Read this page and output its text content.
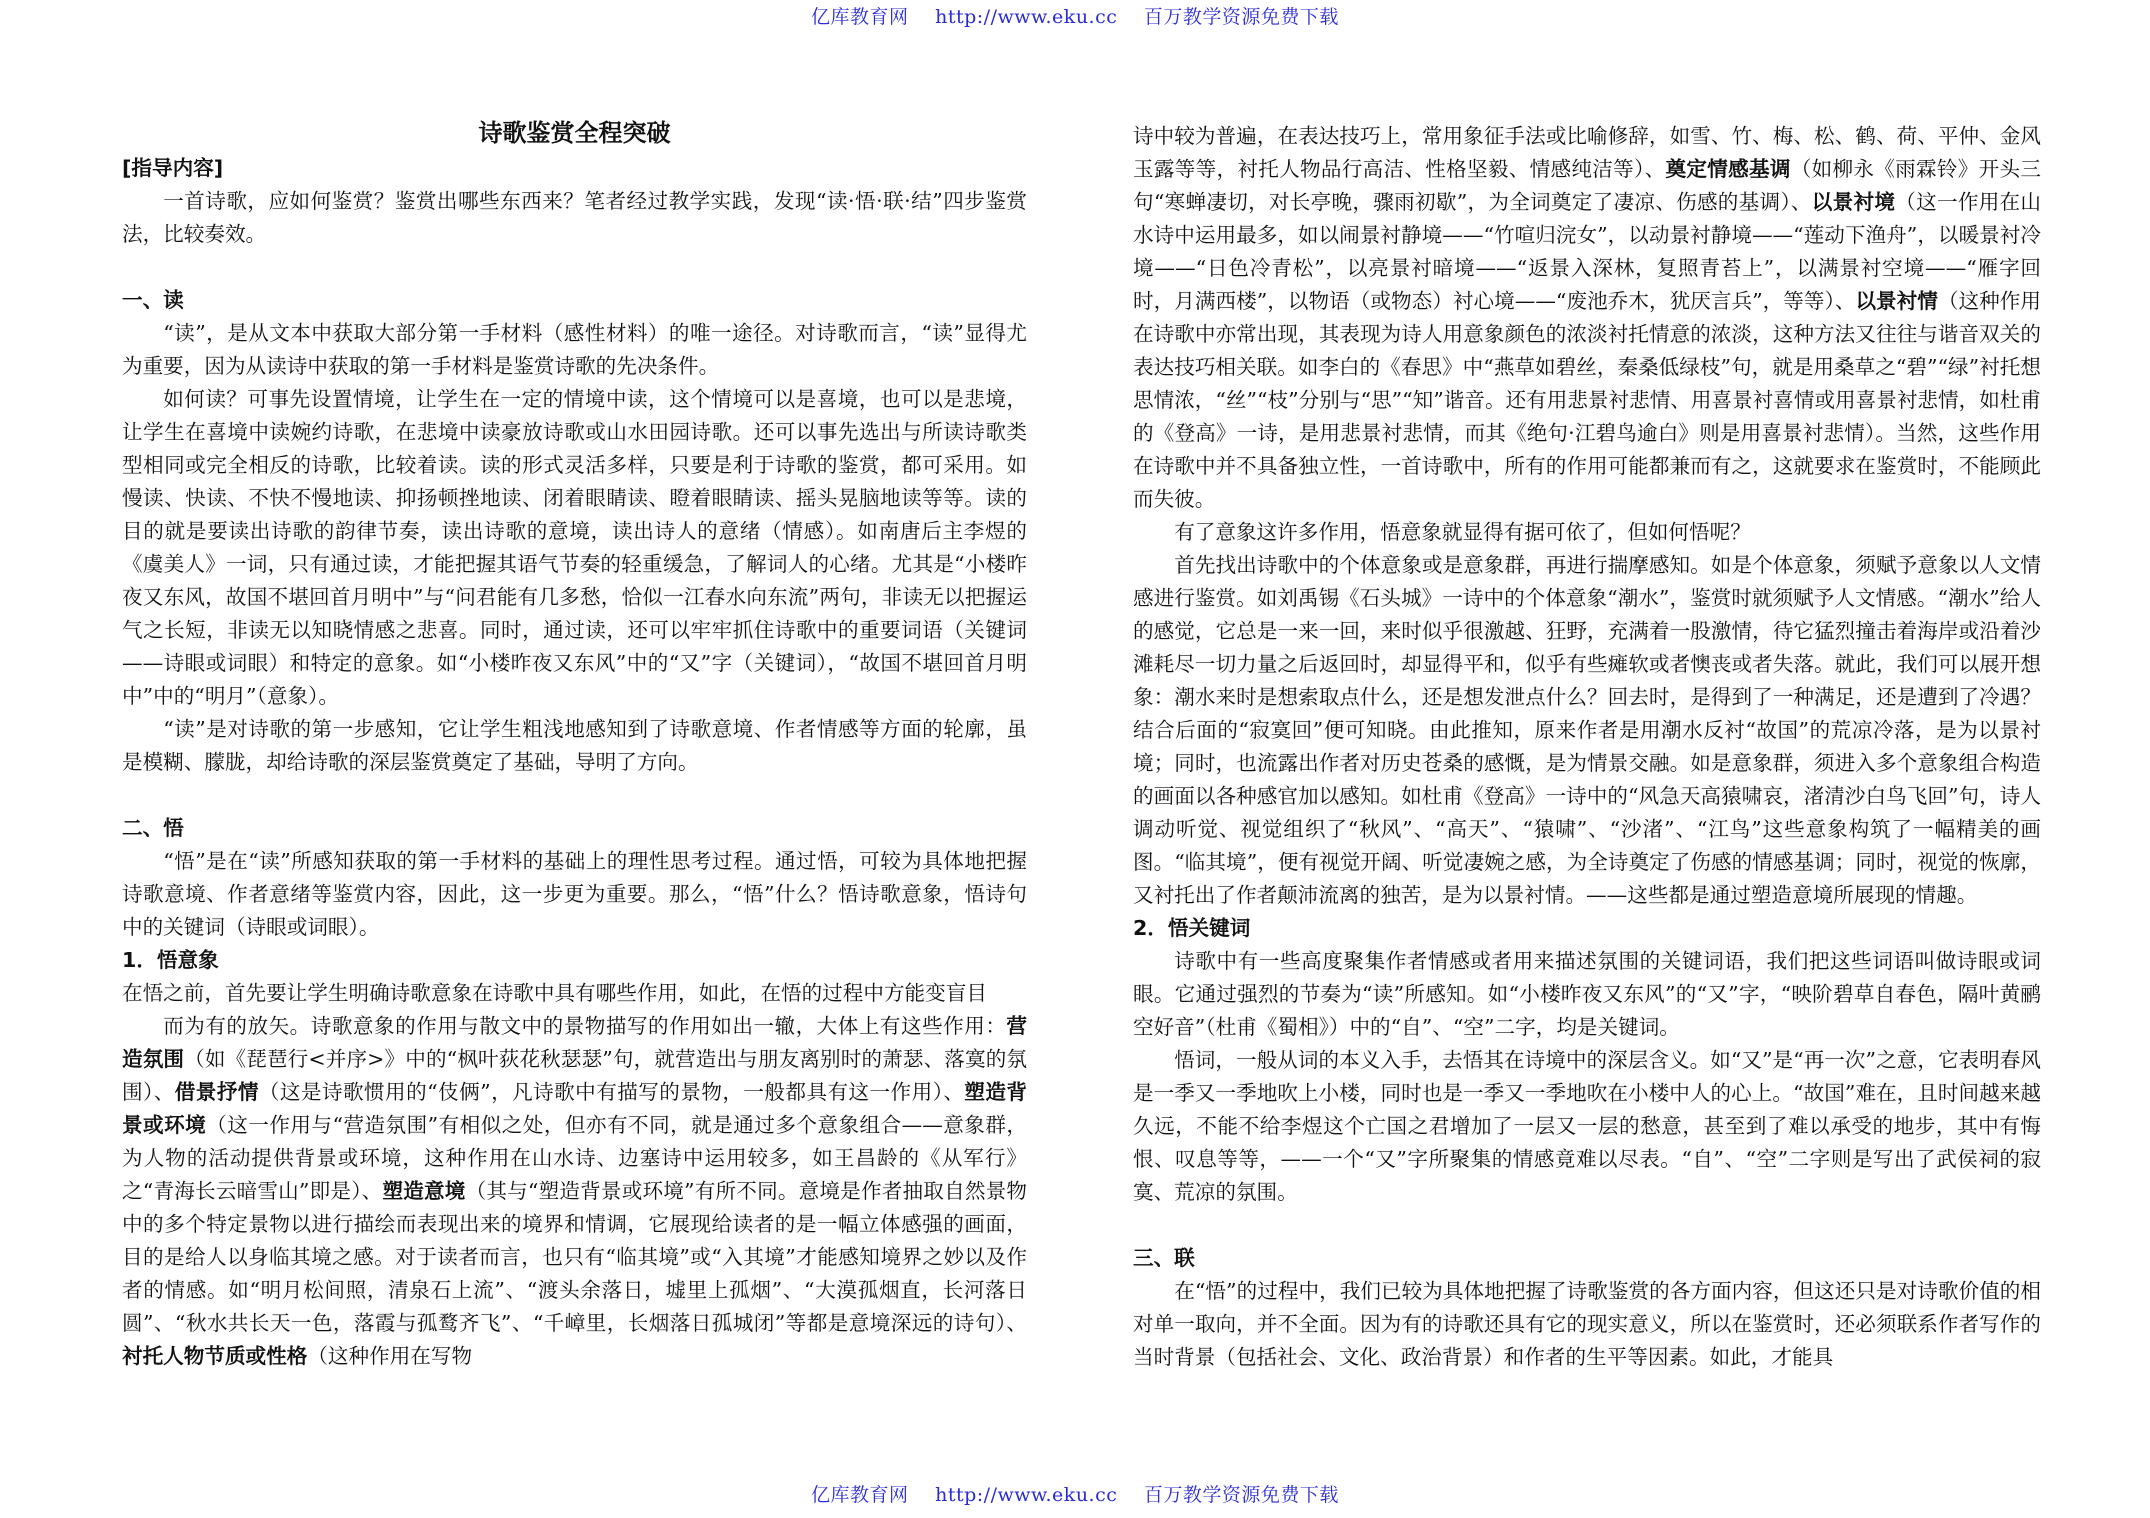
亿库教育网 http://www.eku.cc 百万教学资源免费下载
诗歌鉴赏全程突破
[指导内容]

一首诗歌，应如何鉴赏？鉴赏出哪些东西来？笔者经过教学实践，发现“读·悟·联·结”四步鉴赏法，比较奏效。

一、读

“读”，是从文本中获取大部分第一手材料（感性材料）的唯一途径。对诗歌而言，“读”显得尤为重要，因为从读诗中获取的第一手材料是鉴赏诗歌的先决条件。

如何读？可事先设置情境，让学生在一定的情境中读，这个情境可以是喜境，也可以是悲境，让学生在喜境中读婉约诗歌，在悲境中读豪放诗歌或山水田园诗歌。还可以事先选出与所读诗歌类型相同或完全相反的诗歌，比较着读。读的形式灵活多样，只要是利于诗歌的鉴赏，都可采用。如慢读、快读、不快不慢地读、抑扬顿挫地读、闭着眼睛读、瞪着眼睛读、摇头晃脑地读等等。读的目的就是要读出诗歌的韵律节奏，读出诗歌的意境，读出诗人的意绪（情感）。如南唐后主李煜的《虞美人》一词，只有通过读，才能把握其语气节奏的轻重缓急，了解词人的心绪。尤其是“小楼昨夜又东风，故国不堪回首月明中”与“问君能有几多愁，恰似一江春水向东流”两句，非读无以把握运气之长短，非读无以知晓情感之悲喜。同时，通过读，还可以牢牢抓住诗歌中的重要词语（关键词——诗眼或词眼）和特定的意象。如“小楼昨夜又东风”中的“又”字（关键词），“故国不堪回首月明中”中的“明月”（意象）。

“读”是对诗歌的第一步感知，它让学生粗浅地感知到了诗歌意境、作者情感等方面的轮廓，虽是模糊、朦胧，却给诗歌的深层鉴赏奠定了基础，导明了方向。

二、悟

“悟”是在“读”所感知获取的第一手材料的基础上的理性思考过程。通过悟，可较为具体地把握诗歌意境、作者意绪等鉴赏内容，因此，这一步更为重要。那么，“悟”什么？悟诗歌意象，悟诗句中的关键词（诗眼或词眼）。

1．悟意象

在悟之前，首先要让学生明确诗歌意象在诗歌中具有哪些作用，如此，在悟的过程中方能变盲目

而为有的放矢。诗歌意象的作用与散文中的景物描写的作用如出一辙，大体上有这些作用：营造氛围（如《琵琶行<并序>》中的“枫叶荻花秋瑟瑟”句，就营造出与朋友离别时的萧瑟、落寞的氛围）、借景抒情（这是诗歌惯用的“伎俩”，凡诗歌中有描写的景物，一般都具有这一作用）、塑造背景或环境（这一作用与“营造氛围”有相似之处，但亦有不同，就是通过多个意象组合——意象群，为人物的活动提供背景或环境，这种作用在山水诗、边塞诗中运用较多，如王昌龄的《从军行》之“青海长云暗雪山”即是）、塑造意境（其与“塑造背景或环境”有所不同。意境是作者抽取自然景物中的多个特定景物以进行描绘而表现出来的境界和情调，它展现给读者的是一幅立体感强的画面，目的是给人以身临其境之感。对于读者而言，也只有“临其境”或“入其境”才能感知境界之妙以及作者的情感。如“明月松间照，清泉石上流”、“渡头余落日，墟里上孤烟”、“大漠孤烟直，长河落日圆”、“秋水共长天一色，落霞与孤鹜齐飞”、“千嶂里，长烟落日孤城闭”等都是意境深远的诗句）、衬托人物节质或性格（这种作用在写物

诗中较为普遍，在表达技巧上，常用象征手法或比喻修辞，如雪、竹、梅、松、鹤、荷、平仲、金风玉露等等，衬托人物品行高洁、性格坚毅、情感纯洁等）、奠定情感基调（如柳永《雨霖铃》开头三句“寒蝉凄切，对长亭晚，骤雨初歇”，为全词奠定了凄凉、伤感的基调）、以景衬境（这一作用在山水诗中运用最多，如以闹景衬静境——“竹喧归浣女”，以动景衬静境——“莲动下渔舟”，以暖景衬冷境——“日色冷青松”，以亮景衬暗境——“返景入深林，复照青苔上”，以满景衬空境——“雁字回时，月满西楼”，以物语（或物态）衬心境——“废池乔木，犹厌言兵”，等等）、以景衬情（这种作用在诗歌中亦常出现，其表现为诗人用意象颜色的浓淡衬托情意的浓淡，这种方法又往往与谐音双关的表达技巧相关联。如李白的《春思》中“燕草如碧丝，秦桑低绿枝”句，就是用桑草之“碧”“绿”衬托想思情浓，“丝”“枝”分别与“思”“知”谐音。还有用悲景衬悲情、用喜景衬喜情或用喜景衬悲情，如杜甫的《登高》一诗，是用悲景衬悲情，而其《绝句·江碧鸟逾白》则是用喜景衬悲情）。当然，这些作用在诗歌中并不具备独立性，一首诗歌中，所有的作用可能都兼而有之，这就要求在鉴赏时，不能顾此而失彼。

有了意象这许多作用，悟意象就显得有据可依了，但如何悟呢？

首先找出诗歌中的个体意象或是意象群，再进行揣摩感知。如是个体意象，须赋予意象以人文情感进行鉴赏。如刘禹锡《石头城》一诗中的个体意象“潮水”，鉴赏时就须赋予人文情感。“潮水”给人的感觉，它总是一来一回，来时似乎很激越、狂野，充满着一股激情，待它猛烈撞击着海岸或沿着沙滩耗尽一切力量之后返回时，却显得平和，似乎有些瘫软或者懊丧或者失落。就此，我们可以展开想象：潮水来时是想索取点什么，还是想发泄点什么？回去时，是得到了一种满足，还是遭到了冷遇？结合后面的“寂寞回”便可知晓。由此推知，原来作者是用潮水反衬“故国”的荒凉冷落，是为以景衬境；同时，也流露出作者对历史苍桑的感慨，是为情景交融。如是意象群，须进入多个意象组合构造的画面以各种感官加以感知。如杜甫《登高》一诗中的“风急天高猿啸哀，渚清沙白鸟飞回”句，诗人调动听觉、视觉组织了“秋风”、“高天”、“猿啸”、“沙渚”、“江鸟”这些意象构筑了一幅精美的画图。“临其境”，便有视觉开阔、听觉凄婉之感，为全诗奠定了伤感的情感基调；同时，视觉的恢廓，又衬托出了作者颠沛流离的独苦，是为以景衬情。——这些都是通过塑造意境所展现的情趣。

2．悟关键词

诗歌中有一些高度聚集作者情感或者用来描述氛围的关键词语，我们把这些词语叫做诗眼或词眼。它通过强烈的节奏为“读”所感知。如“小楼昨夜又东风”的“又”字，“映阶碧草自春色，隔叶黄鹂空好音”（杜甫《蜀相》）中的“自”、“空”二字，均是关键词。

悟词，一般从词的本义入手，去悟其在诗境中的深层含义。如“又”是“再一次”之意，它表明春风是一季又一季地吹上小楼，同时也是一季又一季地吹在小楼中人的心上。“故国”难在，且时间越来越久远，不能不给李煜这个亡国之君增加了一层又一层的愁意，甚至到了难以承受的地步，其中有悔恨、叹息等等，——一个“又”字所聚集的情感竟难以尽表。“自”、“空”二字则是写出了武侯祠的寂寞、荒凉的氛围。

三、联

在“悟”的过程中，我们已较为具体地把握了诗歌鉴赏的各方面内容，但这还只是对诗歌价值的相对单一取向，并不全面。因为有的诗歌还具有它的现实意义，所以在鉴赏时，还必须联系作者写作的当时背景（包括社会、文化、政治背景）和作者的生平等因素。如此，才能具

亿库教育网 http://www.eku.cc 百万教学资源免费下载
